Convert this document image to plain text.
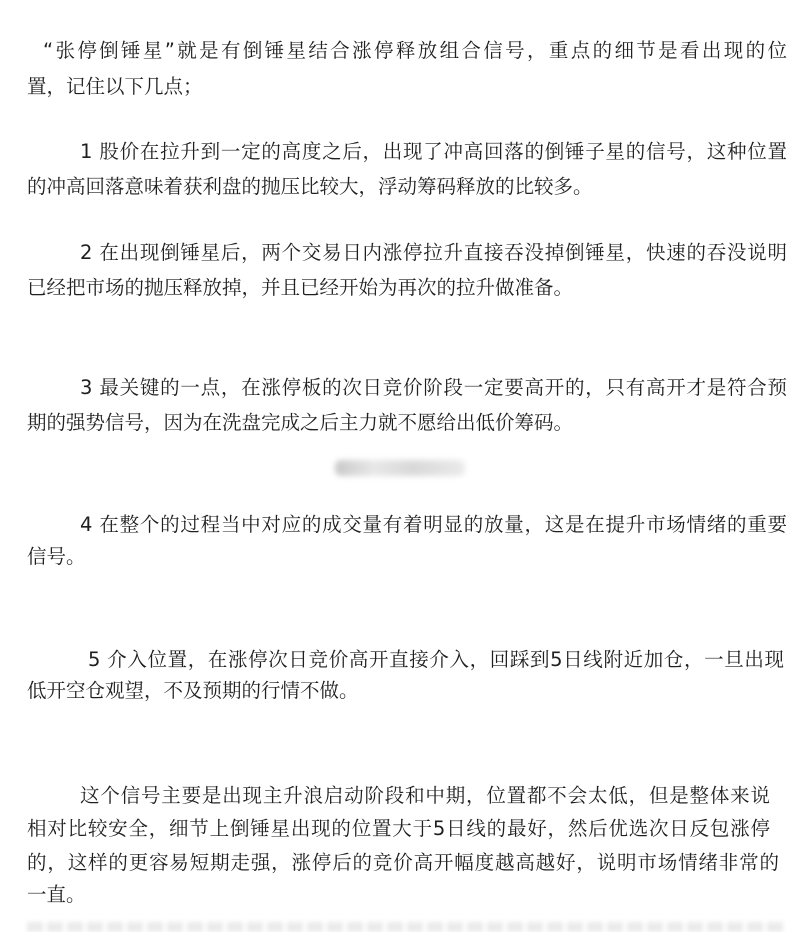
“张停倒锤星”就是有倒锤星结合涨停释放组合信号，重点的细节是看出现的位
置，记住以下几点；
1 股价在拉升到一定的高度之后，出现了冲高回落的倒锤子星的信号，这种位置
的冲高回落意味着获利盘的抛压比较大，浮动筹码释放的比较多。
2 在出现倒锤星后，两个交易日内涨停拉升直接吞没掉倒锤星，快速的吞没说明
已经把市场的抛压释放掉，并且已经开始为再次的拉升做准备。
3 最关键的一点，在涨停板的次日竞价阶段一定要高开的，只有高开才是符合预
期的强势信号，因为在洗盘完成之后主力就不愿给出低价筹码。
4 在整个的过程当中对应的成交量有着明显的放量，这是在提升市场情绪的重要
信号。
5 介入位置，在涨停次日竞价高开直接介入，回踩到5日线附近加仓，一旦出现
低开空仓观望，不及预期的行情不做。
这个信号主要是出现主升浪启动阶段和中期，位置都不会太低，但是整体来说
相对比较安全，细节上倒锤星出现的位置大于5日线的最好，然后优选次日反包涨停
的，这样的更容易短期走强，涨停后的竞价高开幅度越高越好，说明市场情绪非常的
一直。
